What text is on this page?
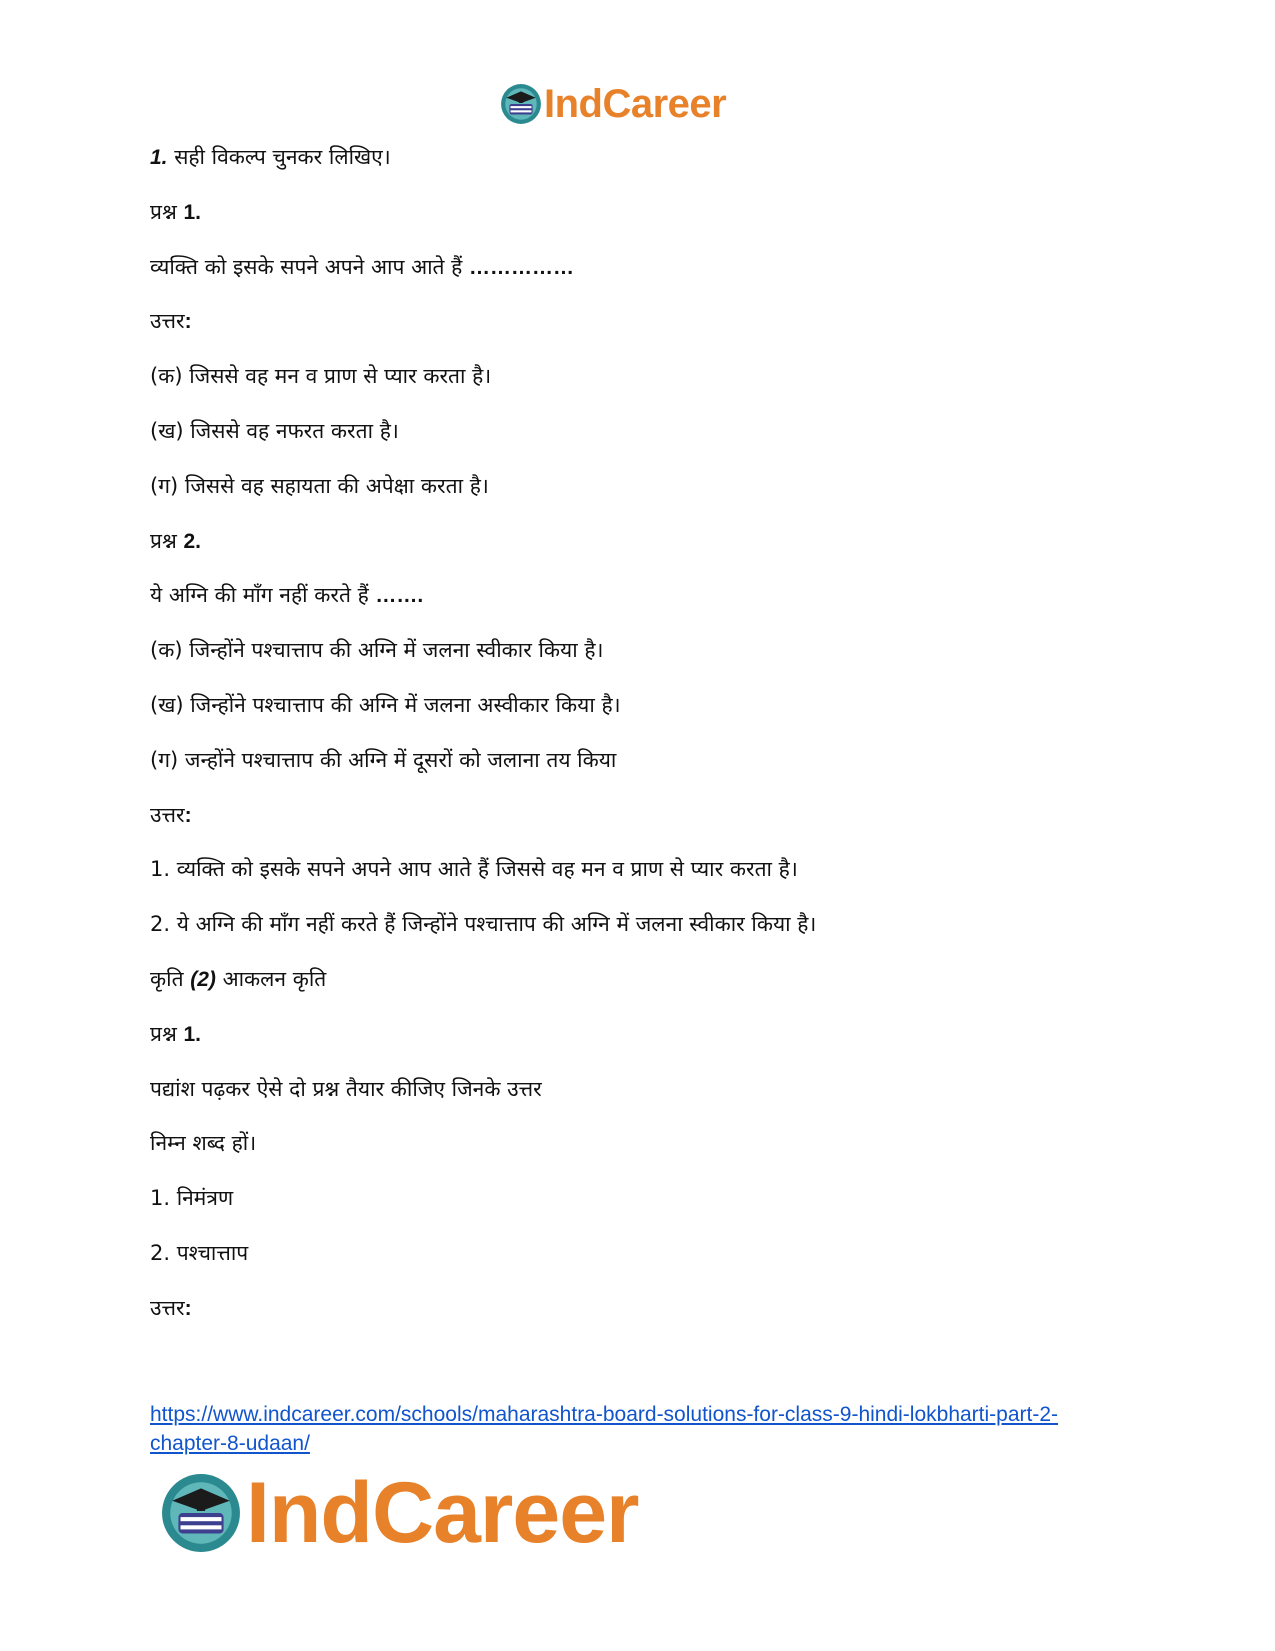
IndCareer
1. सही विकल्प चुनकर लिखिए।
प्रश्न 1.
व्यक्ति को इसके सपने अपने आप आते हैं ……………
उत्तर:
(क) जिससे वह मन व प्राण से प्यार करता है।
(ख) जिससे वह नफरत करता है।
(ग) जिससे वह सहायता की अपेक्षा करता है।
प्रश्न 2.
ये अग्नि की माँग नहीं करते हैं …….
(क) जिन्होंने पश्चात्ताप की अग्नि में जलना स्वीकार किया है।
(ख) जिन्होंने पश्चात्ताप की अग्नि में जलना अस्वीकार किया है।
(ग) जन्होंने पश्चात्ताप की अग्नि में दूसरों को जलाना तय किया
उत्तर:
1. व्यक्ति को इसके सपने अपने आप आते हैं जिससे वह मन व प्राण से प्यार करता है।
2. ये अग्नि की माँग नहीं करते हैं जिन्होंने पश्चात्ताप की अग्नि में जलना स्वीकार किया है।
कृति (2) आकलन कृति
प्रश्न 1.
पद्यांश पढ़कर ऐसे दो प्रश्न तैयार कीजिए जिनके उत्तर
निम्न शब्द हों।
1. निमंत्रण
2. पश्चात्ताप
उत्तर:
https://www.indcareer.com/schools/maharashtra-board-solutions-for-class-9-hindi-lokbharti-part-2-chapter-8-udaan/
IndCareer
